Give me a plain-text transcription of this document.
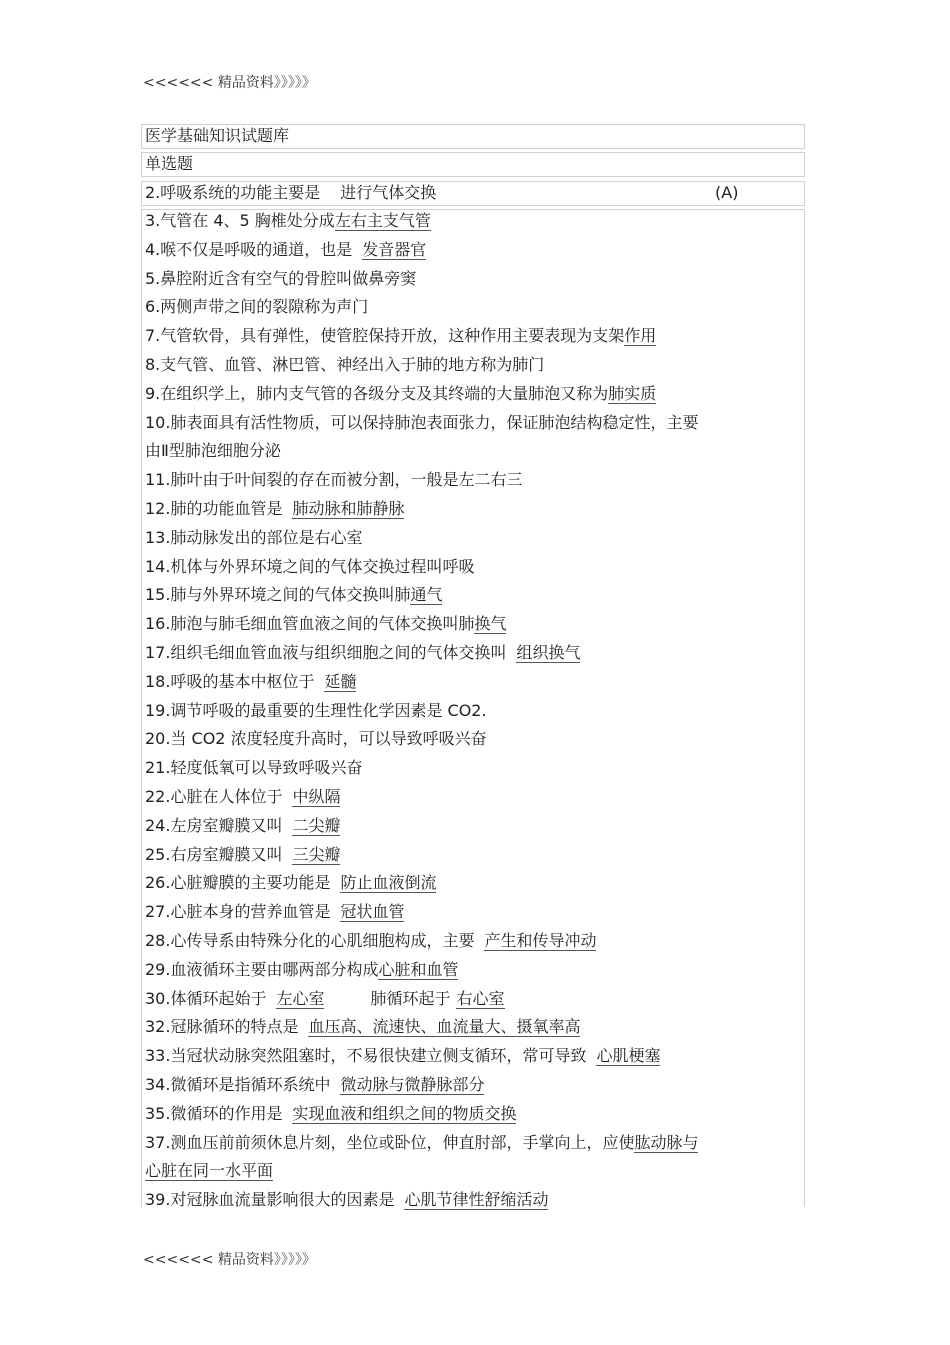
<<<<<< 精品资料》》》》》
医学基础知识试题库
单选题
2.呼吸系统的功能主要是 进行气体交换	(A)
3.气管在 4、5 胸椎处分成左右主支气管
4.喉不仅是呼吸的通道，也是 发音器官
5.鼻腔附近含有空气的骨腔叫做鼻旁窦
6.两侧声带之间的裂隙称为声门
7.气管软骨，具有弹性，使管腔保持开放，这种作用主要表现为支架作用
8.支气管、血管、淋巴管、神经出入于肺的地方称为肺门
9.在组织学上，肺内支气管的各级分支及其终端的大量肺泡又称为肺实质
10.肺表面具有活性物质，可以保持肺泡表面张力，保证肺泡结构稳定性，主要
由Ⅱ型肺泡细胞分泌
11.肺叶由于叶间裂的存在而被分割，一般是左二右三
12.肺的功能血管是 肺动脉和肺静脉
13.肺动脉发出的部位是右心室
14.机体与外界环境之间的气体交换过程叫呼吸
15.肺与外界环境之间的气体交换叫肺通气
16.肺泡与肺毛细血管血液之间的气体交换叫肺换气
17.组织毛细血管血液与组织细胞之间的气体交换叫 组织换气
18.呼吸的基本中枢位于 延髓
19.调节呼吸的最重要的生理性化学因素是 CO2.
20.当 CO2 浓度轻度升高时，可以导致呼吸兴奋
21.轻度低氧可以导致呼吸兴奋
22.心脏在人体位于 中纵隔
24.左房室瓣膜又叫 二尖瓣
25.右房室瓣膜又叫 三尖瓣
26.心脏瓣膜的主要功能是 防止血液倒流
27.心脏本身的营养血管是 冠状血管
28.心传导系由特殊分化的心肌细胞构成，主要 产生和传导冲动
29.血液循环主要由哪两部分构成心脏和血管
30.体循环起始于 左心室	肺循环起于 右心室
32.冠脉循环的特点是 血压高、流速快、血流量大、摄氧率高
33.当冠状动脉突然阻塞时，不易很快建立侧支循环，常可导致 心肌梗塞
34.微循环是指循环系统中 微动脉与微静脉部分
35.微循环的作用是 实现血液和组织之间的物质交换
37.测血压前前须休息片刻，坐位或卧位，伸直肘部，手掌向上，应使肱动脉与
心脏在同一水平面
39.对冠脉血流量影响很大的因素是 心肌节律性舒缩活动
<<<<<< 精品资料》》》》》
